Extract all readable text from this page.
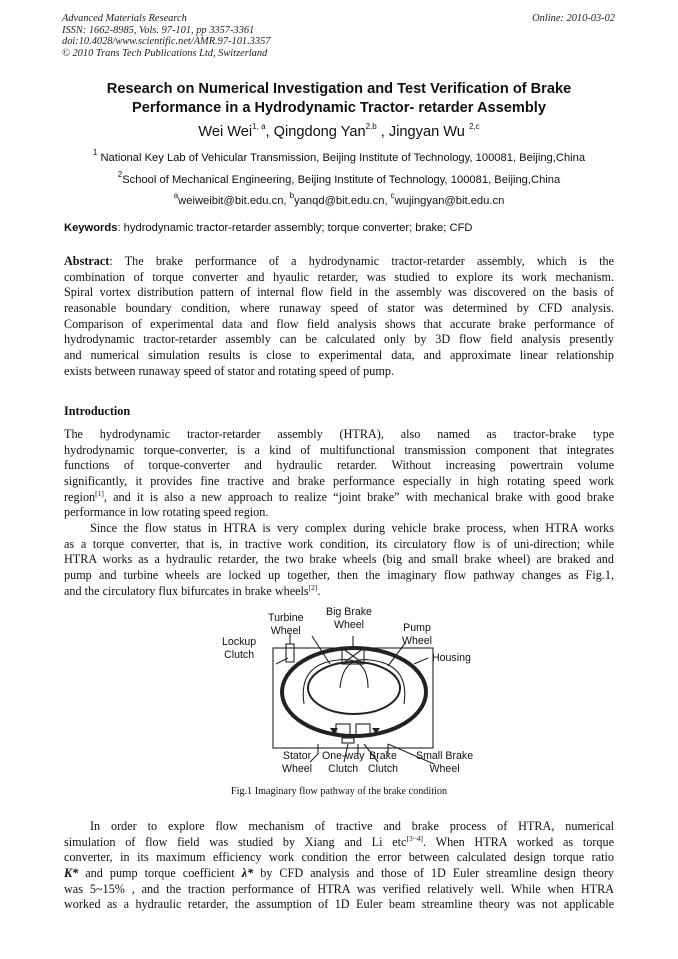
Advanced Materials Research
ISSN: 1662-8985, Vols. 97-101, pp 3357-3361
doi:10.4028/www.scientific.net/AMR.97-101.3357
© 2010 Trans Tech Publications Ltd, Switzerland
Online: 2010-03-02
Research on Numerical Investigation and Test Verification of Brake
Performance in a Hydrodynamic Tractor- retarder Assembly
Wei Wei$^{1, a}$, Qingdong Yan$^{2,b}$ , Jingyan Wu $^{2,c}$
$^1$ National Key Lab of Vehicular Transmission, Beijing Institute of Technology, 100081, Beijing,China
$^2$School of Mechanical Engineering, Beijing Institute of Technology, 100081, Beijing,China
$^a$weiweibit@bit.edu.cn, $^b$yanqd@bit.edu.cn, $^c$wujingyan@bit.edu.cn
Keywords: hydrodynamic tractor-retarder assembly; torque converter; brake; CFD
Abstract: The brake performance of a hydrodynamic tractor-retarder assembly, which is the
combination of torque converter and hyaulic retarder, was studied to explore its work mechanism.
Spiral vortex distribution pattern of internal flow field in the assembly was discovered on the basis of
reasonable boundary condition, where runaway speed of stator was determined by CFD analysis.
Comparison of experimental data and flow field analysis shows that accurate brake performance of
hydrodynamic tractor-retarder assembly can be calculated only by 3D flow field analysis presently
and numerical simulation results is close to experimental data, and approximate linear relationship
exists between runaway speed of stator and rotating speed of pump.
Introduction
The hydrodynamic tractor-retarder assembly (HTRA), also named as tractor-brake type
hydrodynamic torque-converter, is a kind of multifunctional transmission component that integrates
functions of torque-converter and hydraulic retarder. Without increasing powertrain volume
significantly, it provides fine tractive and brake performance especially in high rotating speed work
region[1], and it is also a new approach to realize “joint brake” with mechanical brake with good brake
performance in low rotating speed region.
Since the flow status in HTRA is very complex during vehicle brake process, when HTRA works
as a torque converter, that is, in tractive work condition, its circulatory flow is of uni-direction; while
HTRA works as a hydraulic retarder, the two brake wheels (big and small brake wheel) are braked and
pump and turbine wheels are locked up together, then the imaginary flow pathway changes as Fig.1,
and the circulatory flux bifurcates in brake wheels[2].
Turbine
Wheel
Big Brake
Wheel	Pump
Wheel
Lockup
Clutch	Housing
Stator
Wheel
One-way
Clutch
Brake
Clutch
Small Brake
Wheel
Fig.1 Imaginary flow pathway of the brake condition
In order to explore flow mechanism of tractive and brake process of HTRA, numerical
simulation of flow field was studied by Xiang and Li etc[3~4]. When HTRA worked as torque
converter, in its maximum efficiency work condition the error between calculated design torque ratio
K* and pump torque coefficient λ* by CFD analysis and those of 1D Euler streamline design theory
was 5~15% , and the traction performance of HTRA was verified relatively well. While when HTRA
worked as a hydraulic retarder, the assumption of 1D Euler beam streamline theory was not applicable
